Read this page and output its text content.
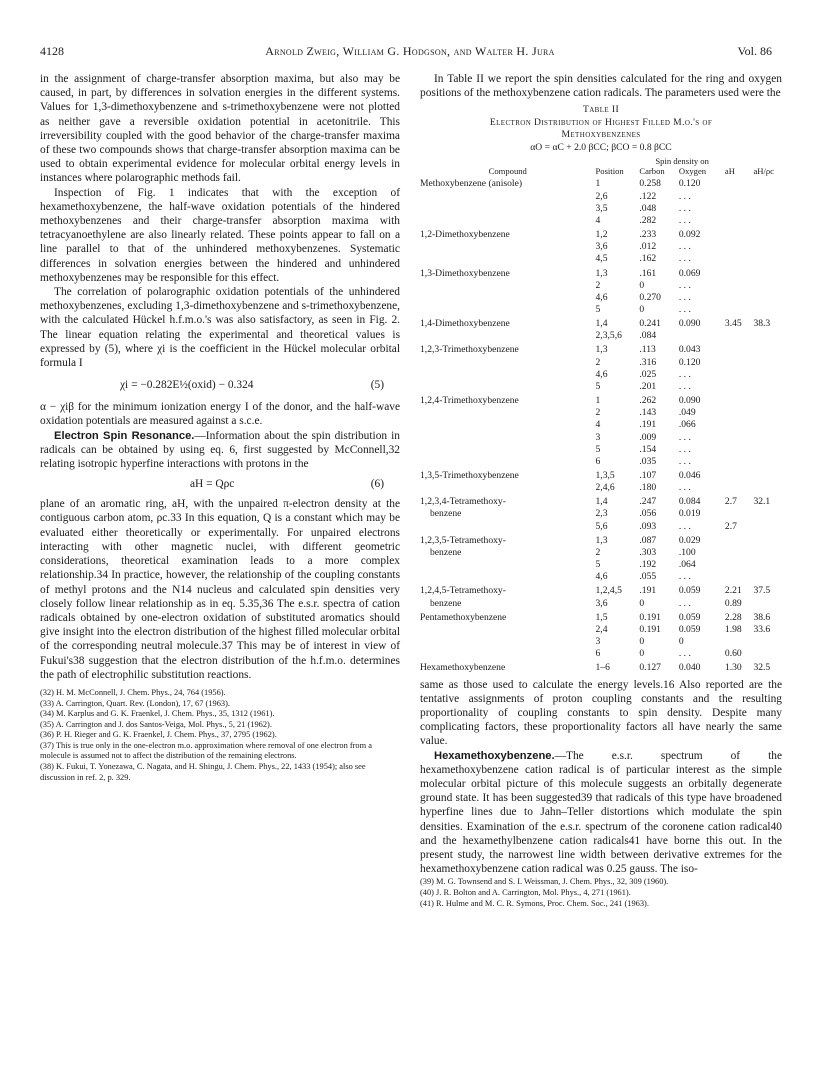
4128	Arnold Zweig, William G. Hodgson, and Walter H. Jura	Vol. 86

in the assignment of charge-transfer absorption maxima, but also may be caused, in part, by differences in solvation energies in the different systems. Values for 1,3-dimethoxybenzene and s-trimethoxybenzene were not plotted as neither gave a reversible oxidation potential in acetonitrile. This irreversibility coupled with the good behavior of the charge-transfer maxima of these two compounds shows that charge-transfer absorption maxima can be used to obtain experimental evidence for molecular orbital energy levels in instances where polarographic methods fail.

Inspection of Fig. 1 indicates that with the exception of hexamethoxybenzene, the half-wave oxidation potentials of the hindered methoxybenzenes and their charge-transfer absorption maxima with tetracyanoethylene are also linearly related. These points appear to fall on a line parallel to that of the unhindered methoxybenzenes. Systematic differences in solvation energies between the hindered and unhindered methoxybenzenes may be responsible for this effect.

The correlation of polarographic oxidation potentials of the unhindered methoxybenzenes, excluding 1,3-dimethoxybenzene and s-trimethoxybenzene, with the calculated Hückel h.f.m.o.'s was also satisfactory, as seen in Fig. 2. The linear equation relating the experimental and theoretical values is expressed by (5), where χi is the coefficient in the Hückel molecular orbital formula I

χi = −0.282E½(oxid) − 0.324	(5)

α − χiβ for the minimum ionization energy I of the donor, and the half-wave oxidation potentials are measured against a s.c.e.

Electron Spin Resonance.—Information about the spin distribution in radicals can be obtained by using eq. 6, first suggested by McConnell,32 relating isotropic hyperfine interactions with protons in the

aH = Qρc	(6)

plane of an aromatic ring, aH, with the unpaired π-electron density at the contiguous carbon atom, ρc.33 In this equation, Q is a constant which may be evaluated either theoretically or experimentally. For unpaired electrons interacting with other magnetic nuclei, with different geometric considerations, theoretical examination leads to a more complex relationship.34 In practice, however, the relationship of the coupling constants of methyl protons and the N14 nucleus and calculated spin densities very closely follow linear relationship as in eq. 5.35,36 The e.s.r. spectra of cation radicals obtained by one-electron oxidation of substituted aromatics should give insight into the electron distribution of the highest filled molecular orbital of the corresponding neutral molecule.37 This may be of interest in view of Fukui's38 suggestion that the electron distribution of the h.f.m.o. determines the path of electrophilic substitution reactions.

(32) H. M. McConnell, J. Chem. Phys., 24, 764 (1956).
(33) A. Carrington, Quart. Rev. (London), 17, 67 (1963).
(34) M. Karplus and G. K. Fraenkel, J. Chem. Phys., 35, 1312 (1961).
(35) A. Carrington and J. dos Santos-Veiga, Mol. Phys., 5, 21 (1962).
(36) P. H. Rieger and G. K. Fraenkel, J. Chem. Phys., 37, 2795 (1962).
(37) This is true only in the one-electron m.o. approximation where removal of one electron from a molecule is assumed not to affect the distribution of the remaining electrons.
(38) K. Fukui, T. Yonezawa, C. Nagata, and H. Shingu, J. Chem. Phys., 22, 1433 (1954); also see discussion in ref. 2, p. 329.

In Table II we report the spin densities calculated for the ring and oxygen positions of the methoxybenzene cation radicals. The parameters used were the

Table II
Electron Distribution of Highest Filled M.o.'s of
Methoxybenzenes
αO = αC + 2.0 βCC; βCO = 0.8 βCC
		Spin density on			
Compound	Position	Carbon	Oxygen	aH	aH/ρc
Methoxybenzene (anisole)	1	0.258	0.120		
	2,6	.122	. . .		
	3,5	.048	. . .		
	4	.282	. . .		
1,2-Dimethoxybenzene	1,2	.233	0.092		
	3,6	.012	. . .		
	4,5	.162	. . .		
1,3-Dimethoxybenzene	1,3	.161	0.069		
	2	0	. . .		
	4,6	0.270	. . .		
	5	0	. . .		
1,4-Dimethoxybenzene	1,4	0.241	0.090	3.45	38.3
	2,3,5,6	.084			
1,2,3-Trimethoxybenzene	1,3	.113	0.043		
	2	.316	0.120		
	4,6	.025	. . .		
	5	.201	. . .		
1,2,4-Trimethoxybenzene	1	.262	0.090		
	2	.143	.049		
	4	.191	.066		
	3	.009	. . .		
	5	.154	. . .		
	6	.035	. . .		
1,3,5-Trimethoxybenzene	1,3,5	.107	0.046		
	2,4,6	.180	. . .		
1,2,3,4-Tetramethoxy-	1,4	.247	0.084	2.7	32.1
benzene	2,3	.056	0.019		
	5,6	.093	. . .	2.7	
1,2,3,5-Tetramethoxy-	1,3	.087	0.029		
benzene	2	.303	.100		
	5	.192	.064		
	4,6	.055	. . .		
1,2,4,5-Tetramethoxy-	1,2,4,5	.191	0.059	2.21	37.5
benzene	3,6	0	. . .	0.89	
Pentamethoxybenzene	1,5	0.191	0.059	2.28	38.6
	2,4	0.191	0.059	1.98	33.6
	3	0	0		
	6	0	. . .	0.60	
Hexamethoxybenzene	1–6	0.127	0.040	1.30	32.5

same as those used to calculate the energy levels.16 Also reported are the tentative assignments of proton coupling constants and the resulting proportionality of coupling constants to spin density. Despite many complicating factors, these proportionality factors all have nearly the same value.

Hexamethoxybenzene.—The e.s.r. spectrum of the hexamethoxybenzene cation radical is of particular interest as the simple molecular orbital picture of this molecule suggests an orbitally degenerate ground state. It has been suggested39 that radicals of this type have broadened hyperfine lines due to Jahn–Teller distortions which modulate the spin densities. Examination of the e.s.r. spectrum of the coronene cation radical40 and the hexamethylbenzene cation radicals41 have borne this out. In the present study, the narrowest line width between derivative extremes for the hexamethoxybenzene cation radical was 0.25 gauss. The iso-

(39) M. G. Townsend and S. I. Weissman, J. Chem. Phys., 32, 309 (1960).
(40) J. R. Bolton and A. Carrington, Mol. Phys., 4, 271 (1961).
(41) R. Hulme and M. C. R. Symons, Proc. Chem. Soc., 241 (1963).
